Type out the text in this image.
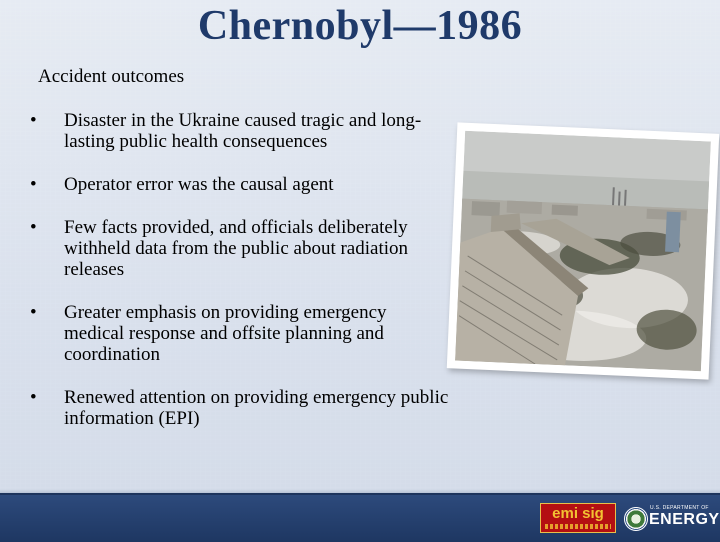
Chernobyl—1986
Accident outcomes
•	Disaster in the Ukraine caused tragic and long-lasting public health consequences
•	Operator error was the causal agent
•	Few facts provided, and officials deliberately withheld data from the public about radiation releases
•	Greater emphasis on providing emergency medical response and offsite planning and coordination
•	Renewed attention on providing emergency public information (EPI)
emi sig	U.S. DEPARTMENT OF
ENERGY
